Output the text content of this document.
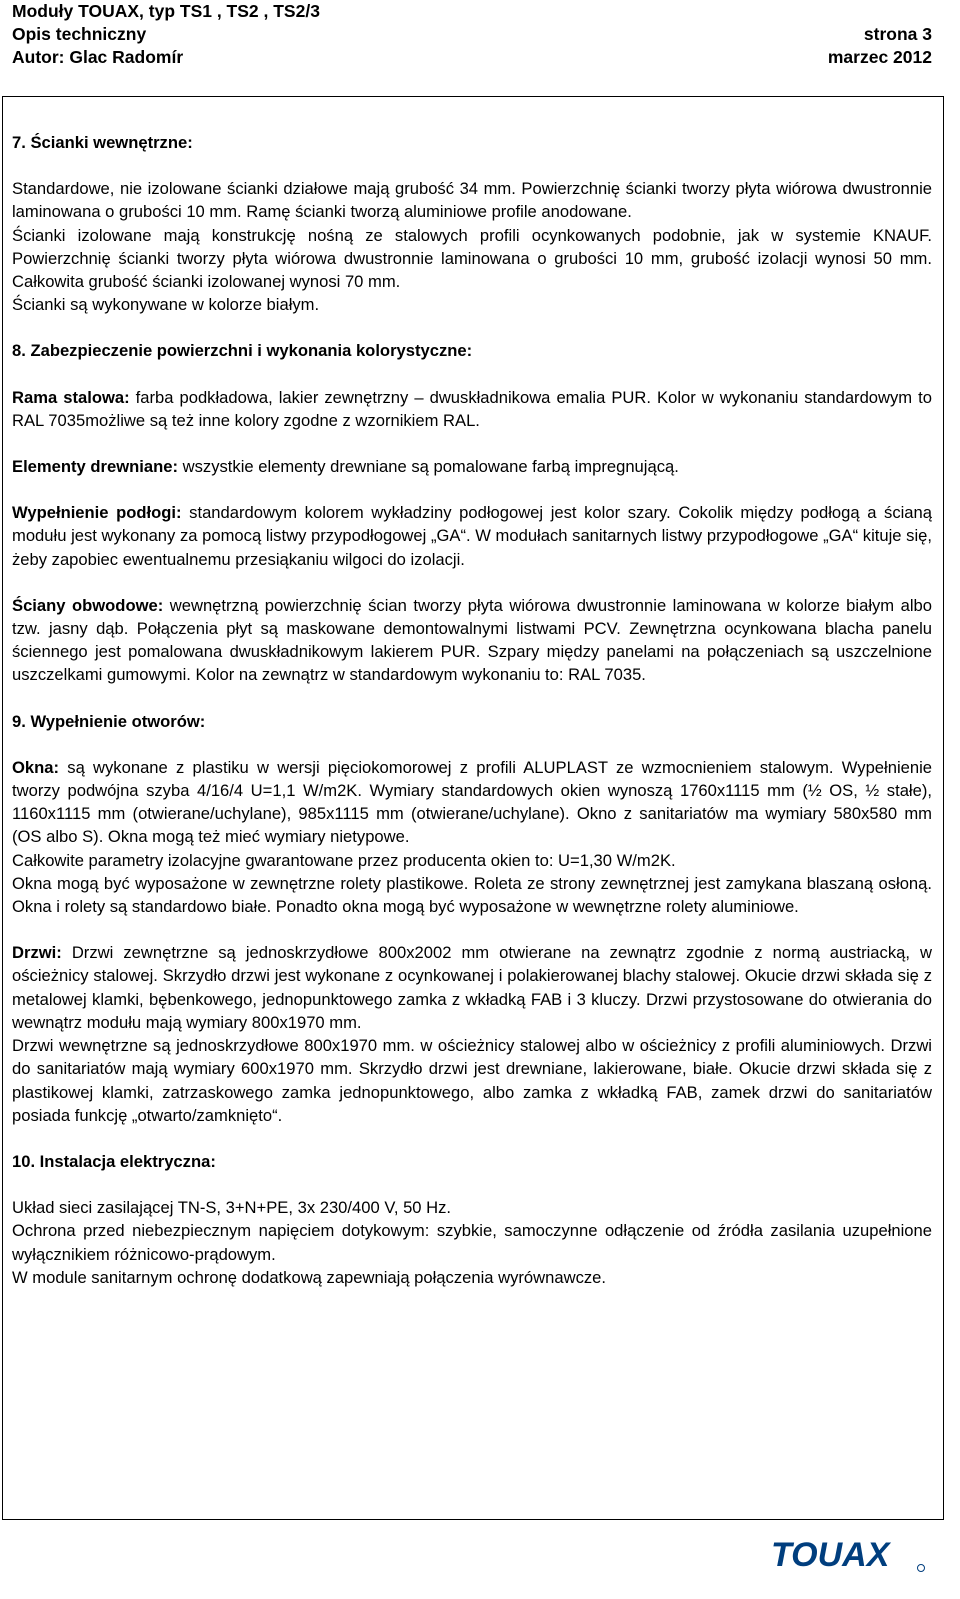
Moduły TOUAX, typ TS1 , TS2 , TS2/3
Opis techniczny	strona 3
Autor: Glac Radomír	marzec 2012

7. Ścianki wewnętrzne:

Standardowe, nie izolowane ścianki działowe mają grubość 34 mm. Powierzchnię ścianki tworzy płyta wiórowa dwustronnie laminowana o grubości 10 mm. Ramę ścianki tworzą aluminiowe profile anodowane.

Ścianki izolowane mają konstrukcję nośną ze stalowych profili ocynkowanych podobnie, jak w systemie KNAUF. Powierzchnię ścianki tworzy płyta wiórowa dwustronnie laminowana o grubości 10 mm, grubość izolacji wynosi 50 mm. Całkowita grubość ścianki izolowanej wynosi 70 mm.

Ścianki są wykonywane w kolorze białym.

8. Zabezpieczenie powierzchni i wykonania kolorystyczne:

Rama stalowa: farba podkładowa, lakier zewnętrzny – dwuskładnikowa emalia PUR. Kolor w wykonaniu standardowym to RAL 7035możliwe są też inne kolory zgodne z wzornikiem RAL.

Elementy drewniane: wszystkie elementy drewniane są pomalowane farbą impregnującą.

Wypełnienie podłogi: standardowym kolorem wykładziny podłogowej jest kolor szary. Cokolik między podłogą a ścianą modułu jest wykonany za pomocą listwy przypodłogowej „GA“. W modułach sanitarnych listwy przypodłogowe „GA“ kituje się, żeby zapobiec ewentualnemu przesiąkaniu wilgoci do izolacji.

Ściany obwodowe: wewnętrzną powierzchnię ścian tworzy płyta wiórowa dwustronnie laminowana w kolorze białym albo tzw. jasny dąb. Połączenia płyt są maskowane demontowalnymi listwami PCV. Zewnętrzna ocynkowana blacha panelu ściennego jest pomalowana dwuskładnikowym lakierem PUR. Szpary między panelami na połączeniach są uszczelnione uszczelkami gumowymi. Kolor na zewnątrz w standardowym wykonaniu to: RAL 7035.

9. Wypełnienie otworów:

Okna: są wykonane z plastiku w wersji pięciokomorowej z profili ALUPLAST ze wzmocnieniem stalowym. Wypełnienie tworzy podwójna szyba 4/16/4 U=1,1 W/m2K. Wymiary standardowych okien wynoszą 1760x1115 mm (½ OS, ½ stałe), 1160x1115 mm (otwierane/uchylane), 985x1115 mm (otwierane/uchylane). Okno z sanitariatów ma wymiary 580x580 mm (OS albo S). Okna mogą też mieć wymiary nietypowe.

Całkowite parametry izolacyjne gwarantowane przez producenta okien to: U=1,30 W/m2K.

Okna mogą być wyposażone w zewnętrzne rolety plastikowe. Roleta ze strony zewnętrznej jest zamykana blaszaną osłoną. Okna i rolety są standardowo białe. Ponadto okna mogą być wyposażone w wewnętrzne rolety aluminiowe.

Drzwi: Drzwi zewnętrzne są jednoskrzydłowe 800x2002 mm otwierane na zewnątrz zgodnie z normą austriacką, w ościeżnicy stalowej. Skrzydło drzwi jest wykonane z ocynkowanej i polakierowanej blachy stalowej. Okucie drzwi składa się z metalowej klamki, bębenkowego, jednopunktowego zamka z wkładką FAB i 3 kluczy. Drzwi przystosowane do otwierania do wewnątrz modułu mają wymiary 800x1970 mm.

Drzwi wewnętrzne są jednoskrzydłowe 800x1970 mm. w ościeżnicy stalowej albo w ościeżnicy z profili aluminiowych. Drzwi do sanitariatów mają wymiary 600x1970 mm. Skrzydło drzwi jest drewniane, lakierowane, białe. Okucie drzwi składa się z plastikowej klamki, zatrzaskowego zamka jednopunktowego, albo zamka z wkładką FAB, zamek drzwi do sanitariatów posiada funkcję „otwarto/zamknięto“.

10. Instalacja elektryczna:

Układ sieci zasilającej TN-S, 3+N+PE, 3x 230/400 V, 50 Hz.

Ochrona przed niebezpiecznym napięciem dotykowym: szybkie, samoczynne odłączenie od źródła zasilania uzupełnione wyłącznikiem różnicowo-prądowym.

W module sanitarnym ochronę dodatkową zapewniają połączenia wyrównawcze.

TOUAX
